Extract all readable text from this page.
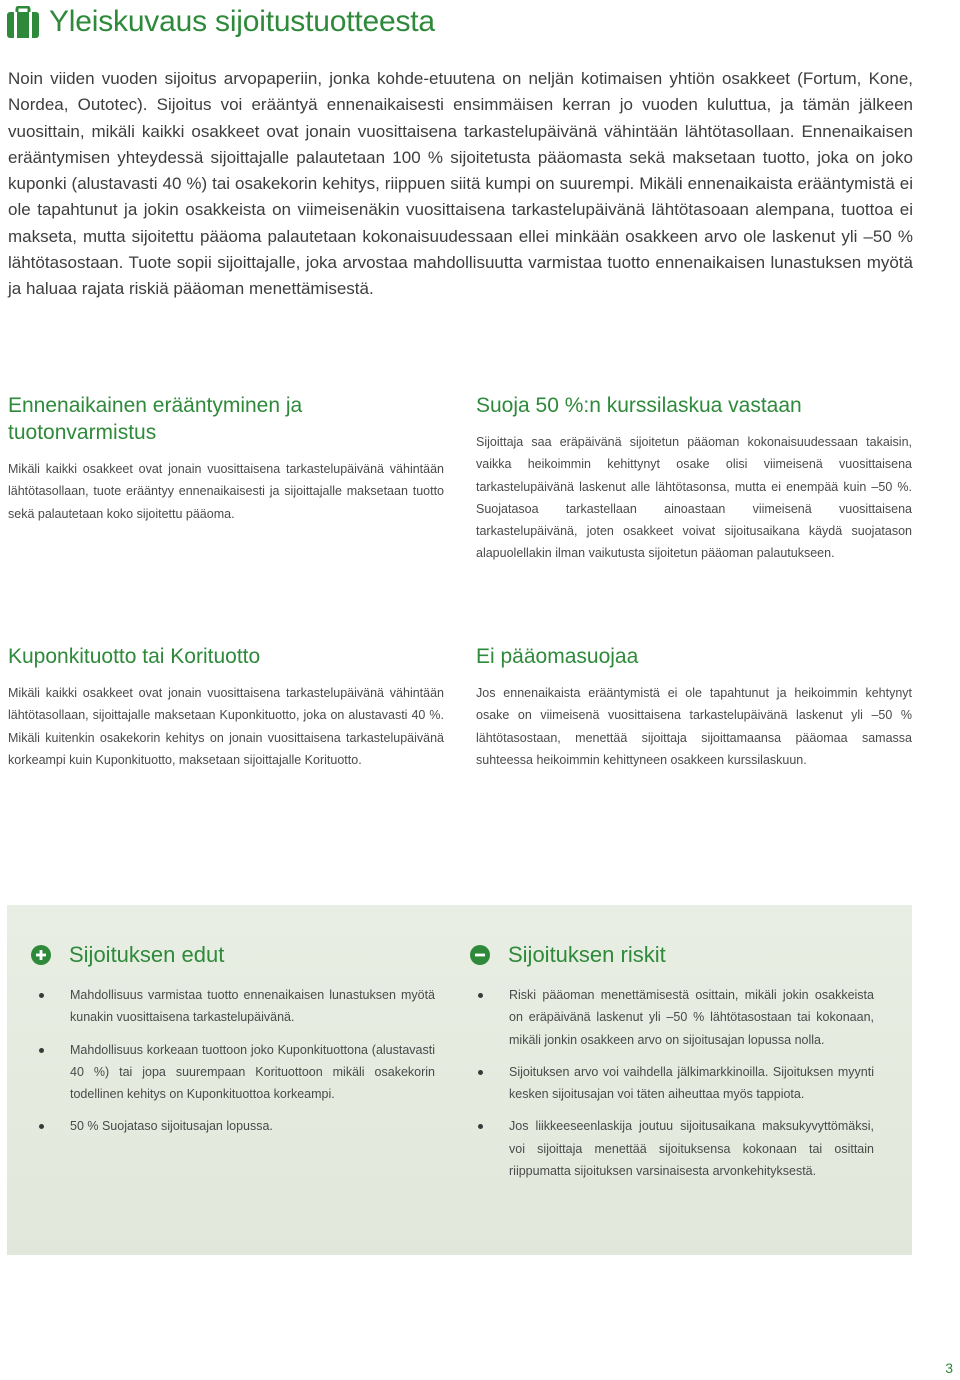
Yleiskuvaus sijoitustuotteesta

Noin viiden vuoden sijoitus arvopaperiin, jonka kohde-etuutena on neljän kotimaisen yhtiön osakkeet (Fortum, Kone, Nordea, Outotec). Sijoitus voi erääntyä ennenaikaisesti ensimmäisen kerran jo vuoden kuluttua, ja tämän jälkeen vuosittain, mikäli kaikki osakkeet ovat jonain vuosittaisena tarkastelupäivänä vähintään lähtötasollaan. Ennenaikaisen erääntymisen yhteydessä sijoittajalle palautetaan 100 % sijoitetusta pääomasta sekä maksetaan tuotto, joka on joko kuponki (alustavasti 40 %) tai osakekorin kehitys, riippuen siitä kumpi on suurempi. Mikäli ennenaikaista erääntymistä ei ole tapahtunut ja jokin osakkeista on viimeisenäkin vuosittaisena tarkastelupäivänä lähtötasoaan alempana, tuottoa ei makseta, mutta sijoitettu pääoma palautetaan kokonaisuudessaan ellei minkään osakkeen arvo ole laskenut yli –50 % lähtötasostaan. Tuote sopii sijoittajalle, joka arvostaa mahdollisuutta varmistaa tuotto ennenaikaisen lunastuksen myötä ja haluaa rajata riskiä pääoman menettämisestä.

Ennenaikainen erääntyminen ja tuotonvarmistus

Mikäli kaikki osakkeet ovat jonain vuosittaisena tarkastelupäivänä vähintään lähtötasollaan, tuote erääntyy ennenaikaisesti ja sijoittajalle maksetaan tuotto sekä palautetaan koko sijoitettu pääoma.

Suoja 50 %:n kurssilaskua vastaan

Sijoittaja saa eräpäivänä sijoitetun pääoman kokonaisuudessaan takaisin, vaikka heikoimmin kehittynyt osake olisi viimeisenä vuosittaisena tarkastelupäivänä laskenut alle lähtötasonsa, mutta ei enempää kuin –50 %. Suojatasoa tarkastellaan ainoastaan viimeisenä vuosittaisena tarkastelupäivänä, joten osakkeet voivat sijoitusaikana käydä suojatason alapuolellakin ilman vaikutusta sijoitetun pääoman palautukseen.

Kuponkituotto tai Korituotto

Mikäli kaikki osakkeet ovat jonain vuosittaisena tarkastelupäivänä vähintään lähtötasollaan, sijoittajalle maksetaan Kuponkituotto, joka on alustavasti 40 %. Mikäli kuitenkin osakekorin kehitys on jonain vuosittaisena tarkastelupäivänä korkeampi kuin Kuponkituotto, maksetaan sijoittajalle Korituotto.

Ei pääomasuojaa

Jos ennenaikaista erääntymistä ei ole tapahtunut ja heikoimmin kehtynyt osake on viimeisenä vuosittaisena tarkastelupäivänä laskenut yli –50 % lähtötasostaan, menettää sijoittaja sijoittamaansa pääomaa samassa suhteessa heikoimmin kehittyneen osakkeen kurssilaskuun.

Sijoituksen edut
Mahdollisuus varmistaa tuotto ennenaikaisen lunastuksen myötä kunakin vuosittaisena tarkastelupäivänä.
Mahdollisuus korkeaan tuottoon joko Kuponkituottona (alustavasti 40 %) tai jopa suurempaan Korituottoon mikäli osakekorin todellinen kehitys on Kuponkituottoa korkeampi.
50 % Suojataso sijoitusajan lopussa.
Sijoituksen riskit
Riski pääoman menettämisestä osittain, mikäli jokin osakkeista on eräpäivänä laskenut yli –50 % lähtötasostaan tai kokonaan, mikäli jonkin osakkeen arvo on sijoitusajan lopussa nolla.
Sijoituksen arvo voi vaihdella jälkimarkkinoilla. Sijoituksen myynti kesken sijoitusajan voi täten aiheuttaa myös tappiota.
Jos liikkeeseenlaskija joutuu sijoitusaikana maksukyvyttömäksi, voi sijoittaja menettää sijoituksensa kokonaan tai osittain riippumatta sijoituksen varsinaisesta arvonkehityksestä.
3
